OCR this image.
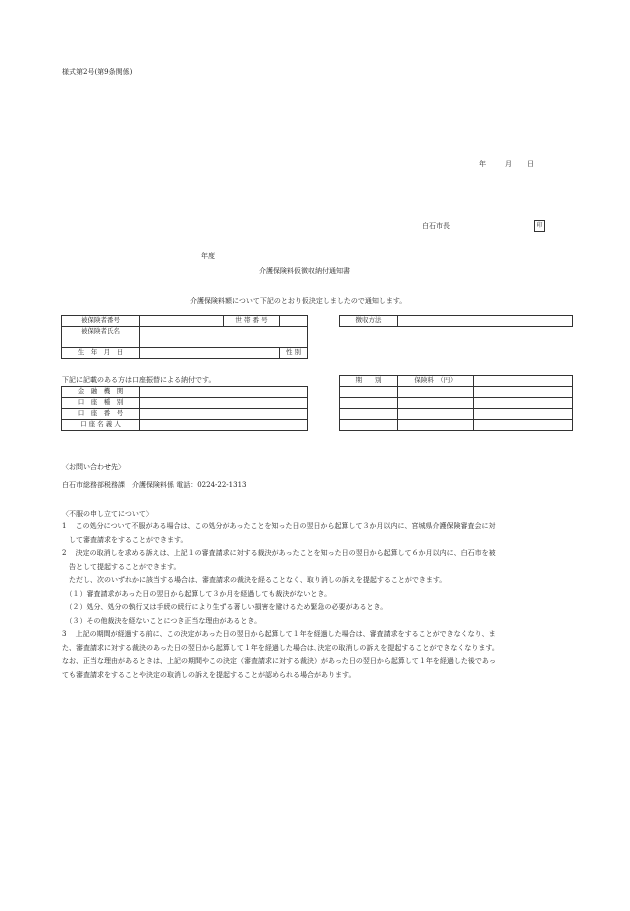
様式第2号(第9条関係)
年	月 日
白石市長	印
年度
介護保険料仮徴収納付通知書
介護保険料額について下記のとおり仮決定しましたので通知します。
被保険者番号		世 帯 番 号	
被保険者氏名			

生　年　月　日			性 別
徴収方法	
下記に記載のある方は口座振替による納付です。
金　融　機　関	
口　座　種　別	
口　座　番　号	
口 座 名 義 人	
期　　別	保険料　（円）	

〈お問い合わせ先〉
白石市総務部税務課　介護保険料係 電話：0224-22-1313
〈不服の申し立てについて〉
1　 この処分について不服がある場合は、この処分があったことを知った日の翌日から起算して３か月以内に、宮城県介護保険審査会に対
　して審査請求をすることができます。
2　 決定の取消しを求める訴えは、上記１の審査請求に対する裁決があったことを知った日の翌日から起算して６か月以内に、白石市を被
　告として提起することができます。
　ただし、次のいずれかに該当する場合は、審査請求の裁決を経ることなく、取り消しの訴えを提起することができます。
　（１）審査請求があった日の翌日から起算して３か月を経過しても裁決がないとき。
　（２）処分、処分の執行又は手続の続行により生ずる著しい損害を避けるため緊急の必要があるとき。
　（３）その他裁決を経ないことにつき正当な理由があるとき。
3　 上記の期間が経過する前に、この決定があった日の翌日から起算して１年を経過した場合は、審査請求をすることができなくなり、ま
た、審査請求に対する裁決のあった日の翌日から起算して１年を経過した場合は､決定の取消しの訴えを提起することができなくなります。
なお、正当な理由があるときは、上記の期間やこの決定（審査請求に対する裁決）があった日の翌日から起算して１年を経過した後であっ
ても審査請求をすることや決定の取消しの訴えを提起することが認められる場合があります。
